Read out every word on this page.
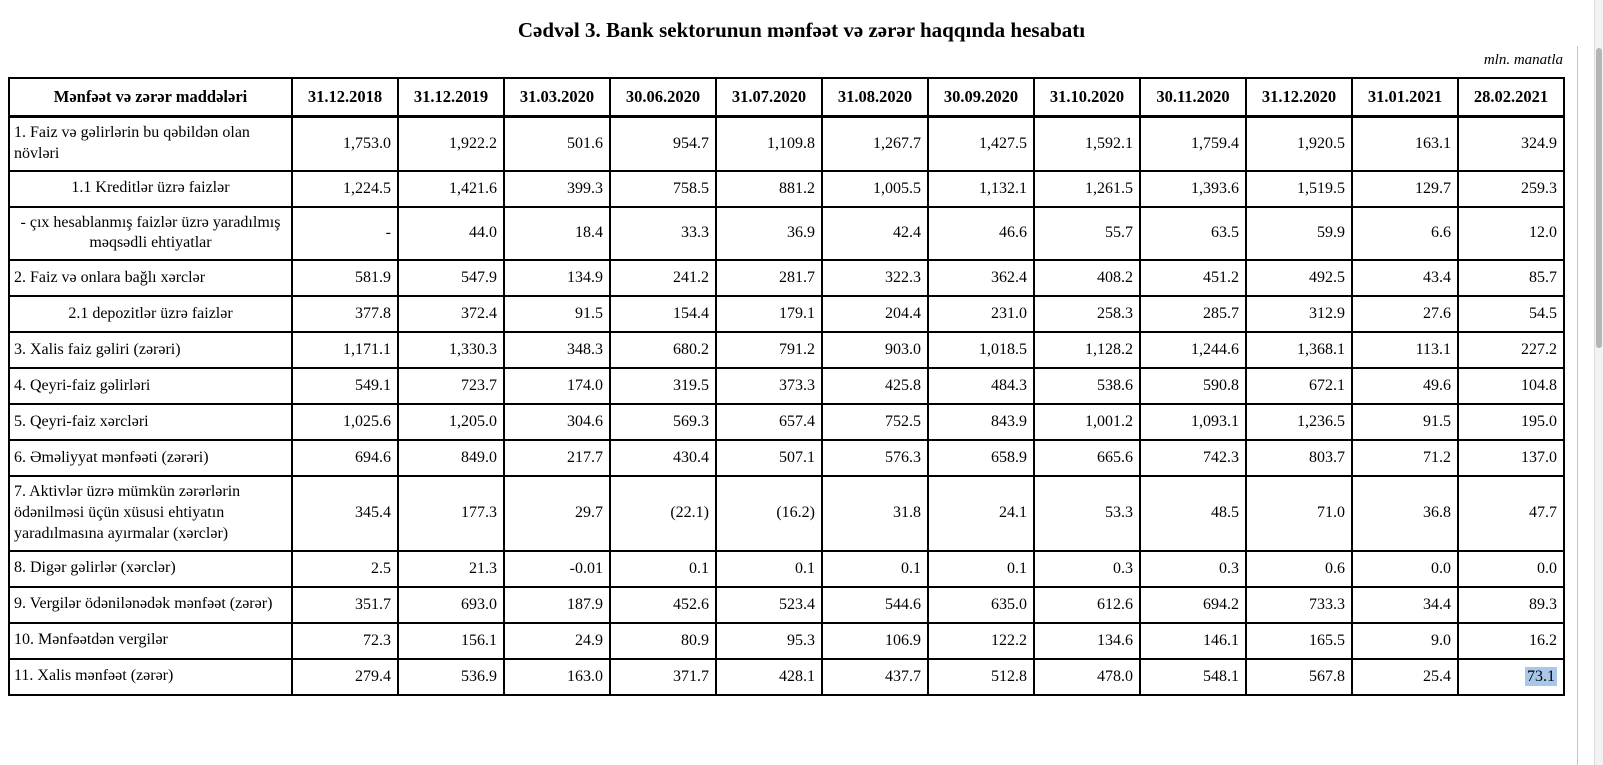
Cədvəl 3. Bank sektorunun mənfəət və zərər haqqında hesabatı
mln. manatla
Mənfəət və zərər maddələri	31.12.2018	31.12.2019	31.03.2020	30.06.2020	31.07.2020	31.08.2020	30.09.2020	31.10.2020	30.11.2020	31.12.2020	31.01.2021	28.02.2021
1. Faiz və gəlirlərin bu qəbildən olan növləri	1,753.0	1,922.2	501.6	954.7	1,109.8	1,267.7	1,427.5	1,592.1	1,759.4	1,920.5	163.1	324.9
1.1 Kreditlər üzrə faizlər	1,224.5	1,421.6	399.3	758.5	881.2	1,005.5	1,132.1	1,261.5	1,393.6	1,519.5	129.7	259.3
- çıx hesablanmış faizlər üzrə yaradılmış məqsədli ehtiyatlar	-	44.0	18.4	33.3	36.9	42.4	46.6	55.7	63.5	59.9	6.6	12.0
2. Faiz və onlara bağlı xərclər	581.9	547.9	134.9	241.2	281.7	322.3	362.4	408.2	451.2	492.5	43.4	85.7
2.1 depozitlər üzrə faizlər	377.8	372.4	91.5	154.4	179.1	204.4	231.0	258.3	285.7	312.9	27.6	54.5
3. Xalis faiz gəliri (zərəri)	1,171.1	1,330.3	348.3	680.2	791.2	903.0	1,018.5	1,128.2	1,244.6	1,368.1	113.1	227.2
4. Qeyri-faiz gəlirləri	549.1	723.7	174.0	319.5	373.3	425.8	484.3	538.6	590.8	672.1	49.6	104.8
5. Qeyri-faiz xərcləri	1,025.6	1,205.0	304.6	569.3	657.4	752.5	843.9	1,001.2	1,093.1	1,236.5	91.5	195.0
6. Əməliyyat mənfəəti (zərəri)	694.6	849.0	217.7	430.4	507.1	576.3	658.9	665.6	742.3	803.7	71.2	137.0
7. Aktivlər üzrə mümkün zərərlərin ödənilməsi üçün xüsusi ehtiyatın yaradılmasına ayırmalar (xərclər)	345.4	177.3	29.7	(22.1)	(16.2)	31.8	24.1	53.3	48.5	71.0	36.8	47.7
8. Digər gəlirlər (xərclər)	2.5	21.3	-0.01	0.1	0.1	0.1	0.1	0.3	0.3	0.6	0.0	0.0
9. Vergilər ödənilənədək mənfəət (zərər)	351.7	693.0	187.9	452.6	523.4	544.6	635.0	612.6	694.2	733.3	34.4	89.3
10. Mənfəətdən vergilər	72.3	156.1	24.9	80.9	95.3	106.9	122.2	134.6	146.1	165.5	9.0	16.2
11. Xalis mənfəət (zərər)	279.4	536.9	163.0	371.7	428.1	437.7	512.8	478.0	548.1	567.8	25.4	73.1
